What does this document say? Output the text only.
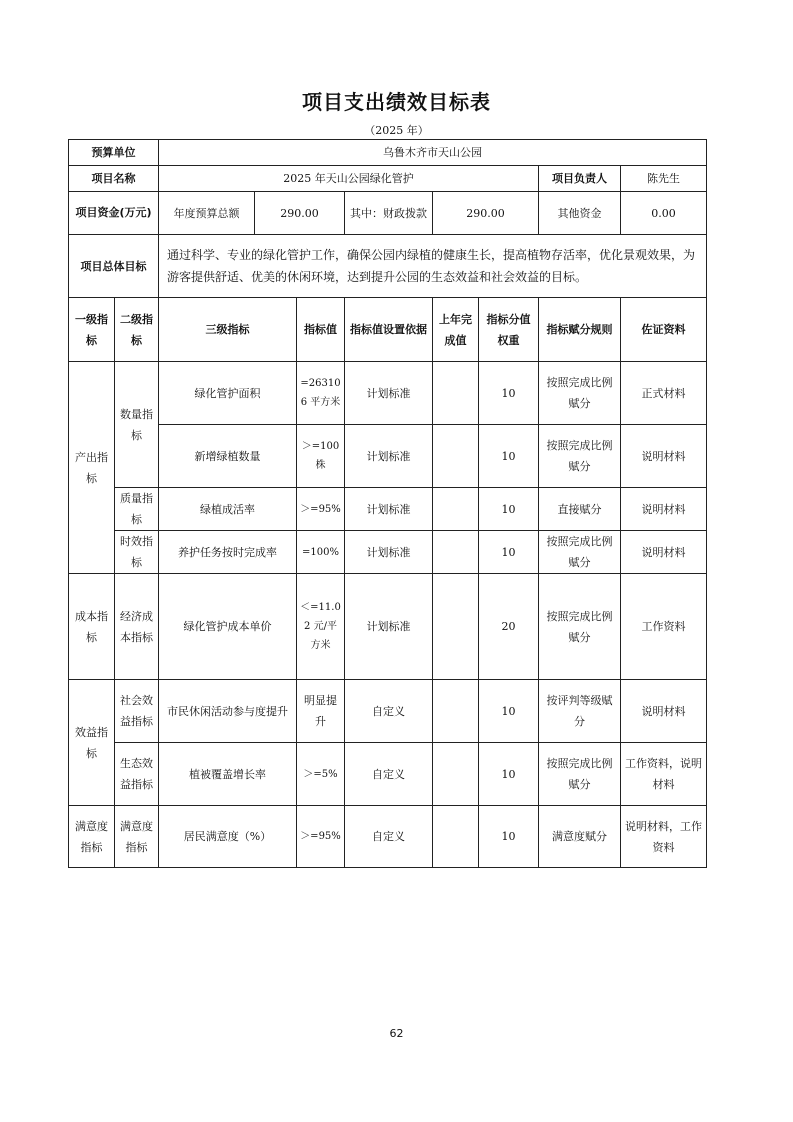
项目支出绩效目标表
（2025 年）
预算单位		乌鲁木齐市天山公园							
项目名称		2025 年天山公园绿化管护						项目负责人	陈先生
项目资金(万元)		年度预算总额	290.00		其中：财政拨款	290.00		其他资金	0.00
项目总体目标		通过科学、专业的绿化管护工作，确保公园内绿植的健康生长，提高植物存活率，优化景观效果，为游客提供舒适、优美的休闲环境，达到提升公园的生态效益和社会效益的目标。							
一级指标	二级指标	三级指标		指标值	指标值设置依据	上年完成值	指标分值权重	指标赋分规则	佐证资料
产出指标	数量指标	绿化管护面积		=263106 平方米	计划标准		10	按照完成比例赋分	正式材料
		新增绿植数量		＞=100 株	计划标准		10	按照完成比例赋分	说明材料
	质量指标	绿植成活率		＞=95%	计划标准		10	直接赋分	说明材料
	时效指标	养护任务按时完成率		=100%	计划标准		10	按照完成比例赋分	说明材料
成本指标	经济成本指标	绿化管护成本单价		＜=11.02 元/平方米	计划标准		20	按照完成比例赋分	工作资料
效益指标	社会效益指标	市民休闲活动参与度提升		明显提升	自定义		10	按评判等级赋分	说明材料
	生态效益指标	植被覆盖增长率		＞=5%	自定义		10	按照完成比例赋分	工作资料，说明材料
满意度指标	满意度指标	居民满意度（%）		＞=95%	自定义		10	满意度赋分	说明材料，工作资料
62
